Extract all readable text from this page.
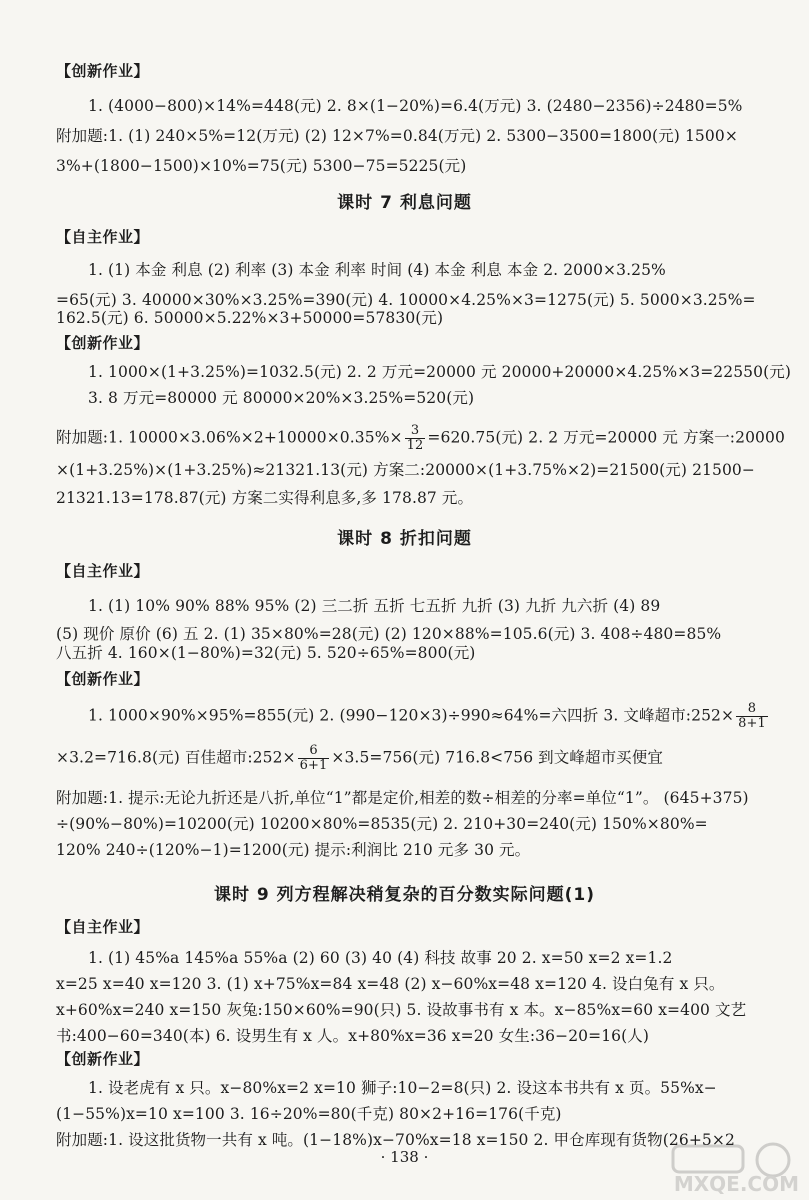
【创新作业】
1. (4000−800)×14%=448(元) 2. 8×(1−20%)=6.4(万元) 3. (2480−2356)÷2480=5%
附加题:1. (1) 240×5%=12(万元) (2) 12×7%=0.84(万元) 2. 5300−3500=1800(元) 1500×
3%+(1800−1500)×10%=75(元) 5300−75=5225(元)
课时 7 利息问题
【自主作业】
1. (1) 本金 利息 (2) 利率 (3) 本金 利率 时间 (4) 本金 利息 本金 2. 2000×3.25%
=65(元) 3. 40000×30%×3.25%=390(元) 4. 10000×4.25%×3=1275(元) 5. 5000×3.25%=
162.5(元) 6. 50000×5.22%×3+50000=57830(元)
【创新作业】
1. 1000×(1+3.25%)=1032.5(元) 2. 2 万元=20000 元 20000+20000×4.25%×3=22550(元)
3. 8 万元=80000 元 80000×20%×3.25%=520(元)
附加题:1. $10000\times 3.06\%\times 2+10000\times 0.35\%\times \frac{3}{12} =620.75$(元) 2. 2 万元=20000 元 方案一:20000
×(1+3.25%)×(1+3.25%)≈21321.13(元) 方案二:20000×(1+3.75%×2)=21500(元) 21500−
21321.13=178.87(元) 方案二实得利息多,多 178.87 元。
课时 8 折扣问题
【自主作业】
1. (1) 10% 90% 88% 95% (2) 三二折 五折 七五折 九折 (3) 九折 九六折 (4) 89
(5) 现价 原价 (6) 五 2. (1) 35×80%=28(元) (2) 120×88%=105.6(元) 3. 408÷480=85%
八五折 4. 160×(1−80%)=32(元) 5. 520÷65%=800(元)
【创新作业】
1. 1000×90%×95%=855(元) 2. (990−120×3)÷990≈64%=六四折 3. 文峰超市:252× $\frac{8}{8+1}$
×3.2=716.8(元) 百佳超市:252× $\frac{6}{6+1} \times 3.5=756$(元) 716.8<756 到文峰超市买便宜
附加题:1. 提示:无论九折还是八折,单位“1”都是定价,相差的数÷相差的分率=单位“1”。 (645+375)
÷(90%−80%)=10200(元) 10200×80%=8535(元) 2. 210+30=240(元) 150%×80%=
120% 240÷(120%−1)=1200(元) 提示:利润比 210 元多 30 元。
课时 9 列方程解决稍复杂的百分数实际问题(1)
【自主作业】
1. (1) 45%a 145%a 55%a (2) 60 (3) 40 (4) 科技 故事 20 2. x=50 x=2 x=1.2
x=25 x=40 x=120 3. (1) x+75%x=84 x=48 (2) x−60%x=48 x=120 4. 设白兔有 x 只。
x+60%x=240 x=150 灰兔:150×60%=90(只) 5. 设故事书有 x 本。x−85%x=60 x=400 文艺
书:400−60=340(本) 6. 设男生有 x 人。x+80%x=36 x=20 女生:36−20=16(人)
【创新作业】
1. 设老虎有 x 只。x−80%x=2 x=10 狮子:10−2=8(只) 2. 设这本书共有 x 页。55%x−
(1−55%)x=10 x=100 3. 16÷20%=80(千克) 80×2+16=176(千克)
附加题:1. 设这批货物一共有 x 吨。(1−18%)x−70%x=18 x=150 2. 甲仓库现有货物(26+5×2
· 138 ·
MXQE.COM
